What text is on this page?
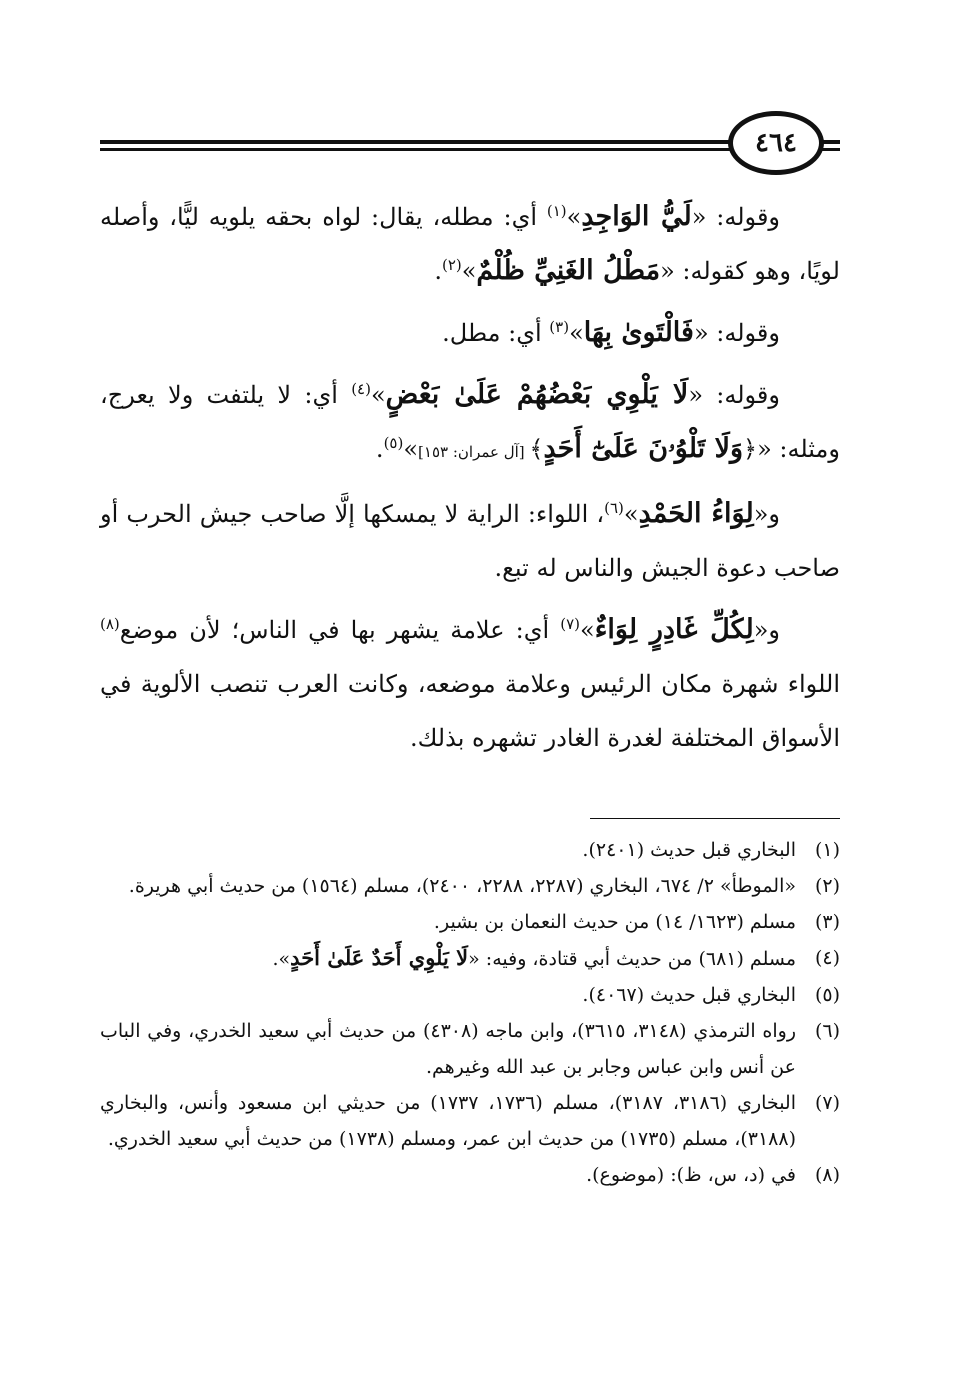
٤٦٤

وقوله: «لَيُّ الوَاجِدِ»$^{(١)}$ أي: مطله، يقال: لواه بحقه يلويه ليًّا، وأصله لويًا، وهو كقوله: «مَطْلُ الغَنِيِّ ظُلْمٌ»$^{(٢)}$.

وقوله: «فَالْتَوىٰ بِهَا»$^{(٣)}$ أي: مطل.

وقوله: «لَا يَلْوِي بَعْضُهُمْ عَلَىٰ بَعْضٍ»$^{(٤)}$ أي: لا يلتفت ولا يعرج، ومثله: «﴿وَلَا تَلْوُۥنَ عَلَىٰٓ أَحَدٍ﴾ [آل عمران: ١٥٣]»$^{(٥)}$.

و«لِوَاءُ الحَمْدِ»$^{(٦)}$، اللواء: الراية لا يمسكها إلَّا صاحب جيش الحرب أو صاحب دعوة الجيش والناس له تبع.

و«لِكُلِّ غَادِرٍ لِوَاءٌ»$^{(٧)}$ أي: علامة يشهر بها في الناس؛ لأن موضع$^{(٨)}$ اللواء شهرة مكان الرئيس وعلامة موضعه، وكانت العرب تنصب الألوية في الأسواق المختلفة لغدرة الغادر تشهره بذلك.

(١)
البخاري قبل حديث (٢٤٠١).
(٢)
«الموطأ» ٢/ ٦٧٤، البخاري (٢٢٨٧، ٢٢٨٨، ٢٤٠٠)، مسلم (١٥٦٤) من حديث أبي هريرة.
(٣)
مسلم (١٦٢٣/ ١٤) من حديث النعمان بن بشير.
(٤)
مسلم (٦٨١) من حديث أبي قتادة، وفيه: «لَا يَلْوِي أَحَدٌ عَلَىٰ أَحَدٍ».
(٥)
البخاري قبل حديث (٤٠٦٧).
(٦)
رواه الترمذي (٣١٤٨، ٣٦١٥)، وابن ماجه (٤٣٠٨) من حديث أبي سعيد الخدري، وفي الباب عن أنس وابن عباس وجابر بن عبد الله وغيرهم.
(٧)
البخاري (٣١٨٦، ٣١٨٧)، مسلم (١٧٣٦، ١٧٣٧) من حديثي ابن مسعود وأنس، والبخاري (٣١٨٨)، مسلم (١٧٣٥) من حديث ابن عمر، ومسلم (١٧٣٨) من حديث أبي سعيد الخدري.
(٨)
في (د، س، ظ): (موضوع).
